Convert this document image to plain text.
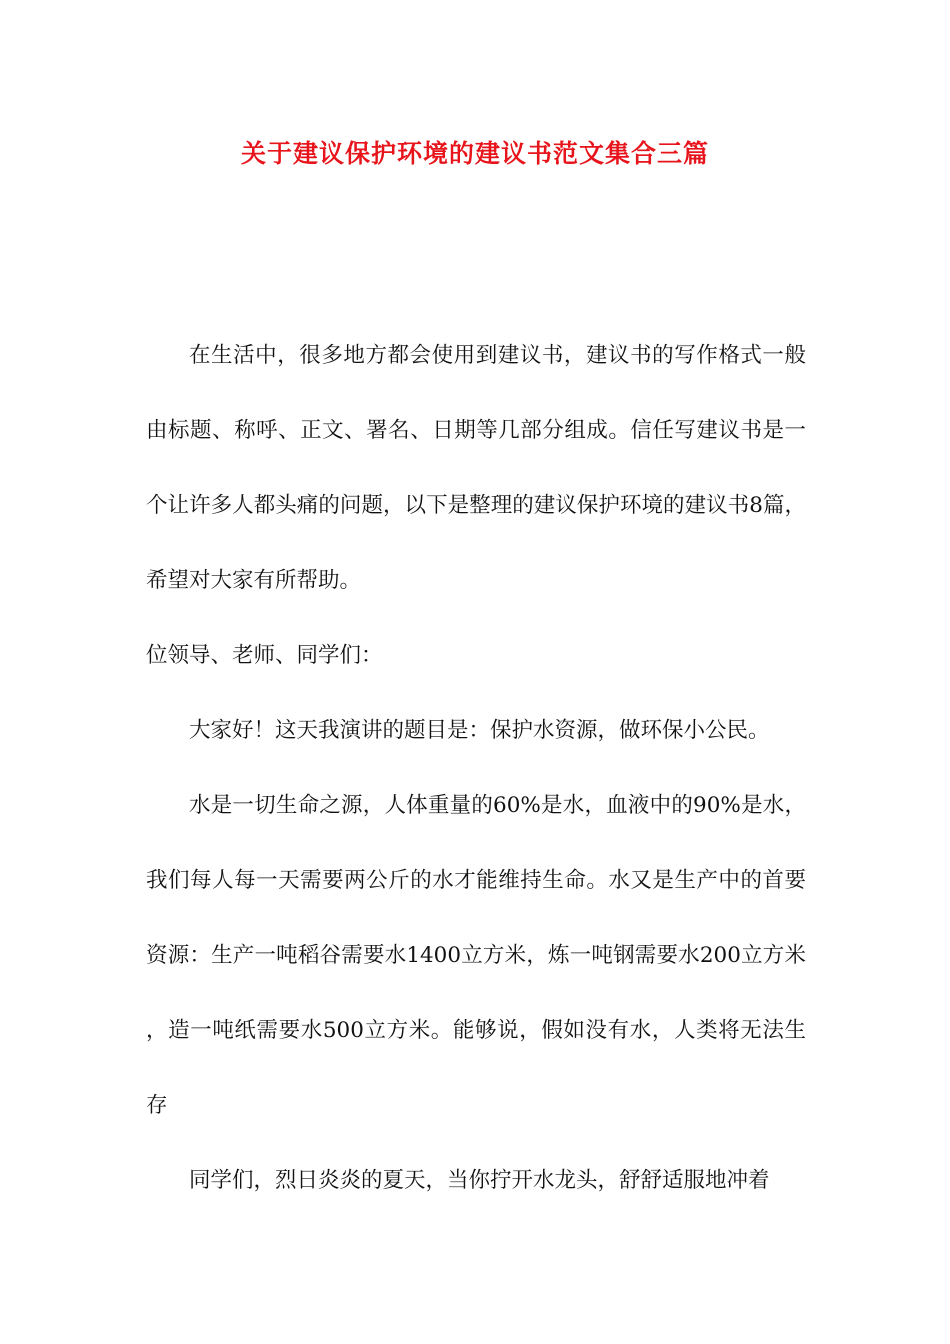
关于建议保护环境的建议书范文集合三篇

在生活中，很多地方都会使用到建议书，建议书的写作格式一般由标题、称呼、正文、署名、日期等几部分组成。信任写建议书是一个让许多人都头痛的问题，以下是整理的建议保护环境的建议书8篇，希望对大家有所帮助。

位领导、老师、同学们：

大家好！这天我演讲的题目是：保护水资源，做环保小公民。

水是一切生命之源，人体重量的60%是水，血液中的90%是水，我们每人每一天需要两公斤的水才能维持生命。水又是生产中的首要资源：生产一吨稻谷需要水1400立方米，炼一吨钢需要水200立方米，造一吨纸需要水500立方米。能够说，假如没有水，人类将无法生存

同学们，烈日炎炎的夏天，当你拧开水龙头，舒舒适服地冲着
